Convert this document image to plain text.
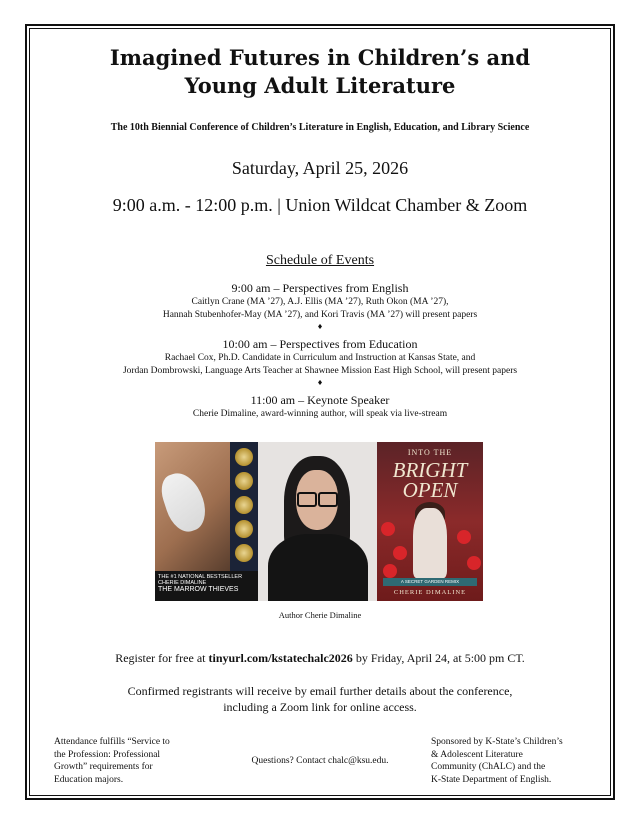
Imagined Futures in Children’s and
Young Adult Literature
The 10th Biennial Conference of Children’s Literature in English, Education, and Library Science
Saturday, April 25, 2026
9:00 a.m. - 12:00 p.m. | Union Wildcat Chamber & Zoom
Schedule of Events
9:00 am – Perspectives from English
Caitlyn Crane (MA ’27), A.J. Ellis (MA ’27), Ruth Okon (MA ’27),
Hannah Stubenhofer-May (MA ’27), and Kori Travis (MA ’27) will present papers
♦
10:00 am – Perspectives from Education
Rachael Cox, Ph.D. Candidate in Curriculum and Instruction at Kansas State, and
Jordan Dombrowski, Language Arts Teacher at Shawnee Mission East High School, will present papers
♦
11:00 am – Keynote Speaker
Cherie Dimaline, award-winning author, will speak via live-stream
THE #1 NATIONAL BESTSELLER
CHERIE DIMALINE
THE MARROW THIEVES
INTO THE
BRIGHT OPEN
A SECRET GARDEN REMIX
CHERIE DIMALINE
Author Cherie Dimaline
Register for free at tinyurl.com/kstatechalc2026 by Friday, April 24, at 5:00 pm CT.
Confirmed registrants will receive by email further details about the conference,
including a Zoom link for online access.
Attendance fulfills “Service to
the Profession: Professional
Growth” requirements for
Education majors.
Questions? Contact chalc@ksu.edu.
Sponsored by K-State’s Children’s
& Adolescent Literature
Community (ChALC) and the
K-State Department of English.
